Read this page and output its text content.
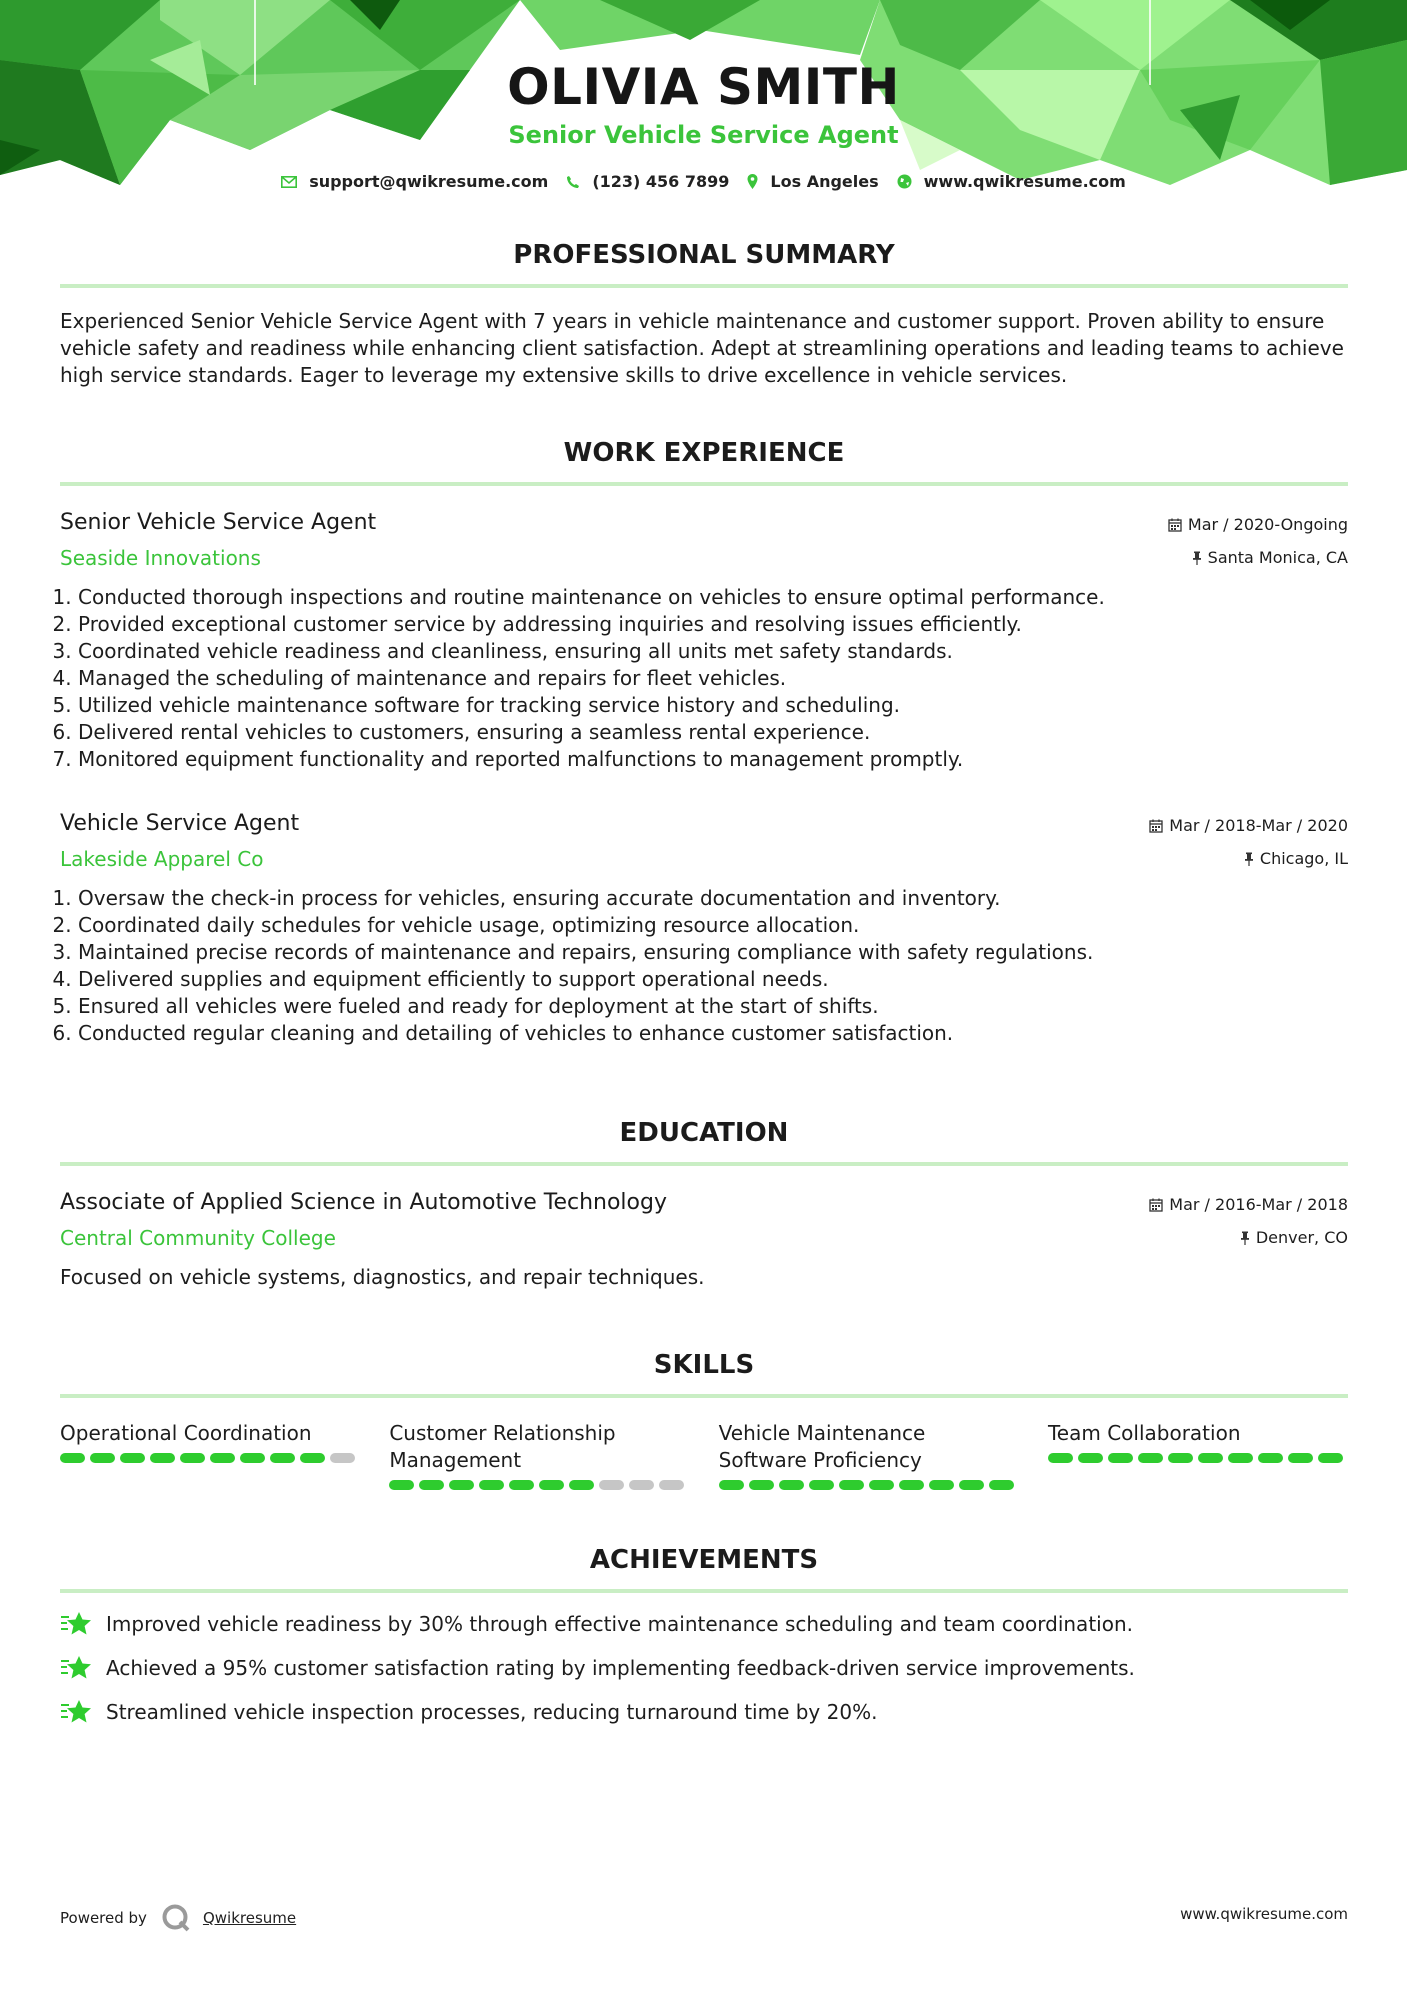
OLIVIA SMITH
Senior Vehicle Service Agent
support@qwikresume.com	(123) 456 7899	Los Angeles	www.qwikresume.com
PROFESSIONAL SUMMARY
Experienced Senior Vehicle Service Agent with 7 years in vehicle maintenance and customer support. Proven ability to ensure vehicle safety and readiness while enhancing client satisfaction. Adept at streamlining operations and leading teams to achieve high service standards. Eager to leverage my extensive skills to drive excellence in vehicle services.
WORK EXPERIENCE
Senior Vehicle Service Agent	Mar / 2020-Ongoing
Seaside Innovations	Santa Monica, CA
1. Conducted thorough inspections and routine maintenance on vehicles to ensure optimal performance.
2. Provided exceptional customer service by addressing inquiries and resolving issues efficiently.
3. Coordinated vehicle readiness and cleanliness, ensuring all units met safety standards.
4. Managed the scheduling of maintenance and repairs for fleet vehicles.
5. Utilized vehicle maintenance software for tracking service history and scheduling.
6. Delivered rental vehicles to customers, ensuring a seamless rental experience.
7. Monitored equipment functionality and reported malfunctions to management promptly.
Vehicle Service Agent	Mar / 2018-Mar / 2020
Lakeside Apparel Co	Chicago, IL
1. Oversaw the check-in process for vehicles, ensuring accurate documentation and inventory.
2. Coordinated daily schedules for vehicle usage, optimizing resource allocation.
3. Maintained precise records of maintenance and repairs, ensuring compliance with safety regulations.
4. Delivered supplies and equipment efficiently to support operational needs.
5. Ensured all vehicles were fueled and ready for deployment at the start of shifts.
6. Conducted regular cleaning and detailing of vehicles to enhance customer satisfaction.
EDUCATION
Associate of Applied Science in Automotive Technology	Mar / 2016-Mar / 2018
Central Community College	Denver, CO
Focused on vehicle systems, diagnostics, and repair techniques.
SKILLS
Operational Coordination	Customer Relationship Management
Vehicle Maintenance Software Proficiency
Team Collaboration
ACHIEVEMENTS
Improved vehicle readiness by 30% through effective maintenance scheduling and team coordination.
Achieved a 95% customer satisfaction rating by implementing feedback-driven service improvements.
Streamlined vehicle inspection processes, reducing turnaround time by 20%.
Powered by	Qwikresume	www.qwikresume.com
